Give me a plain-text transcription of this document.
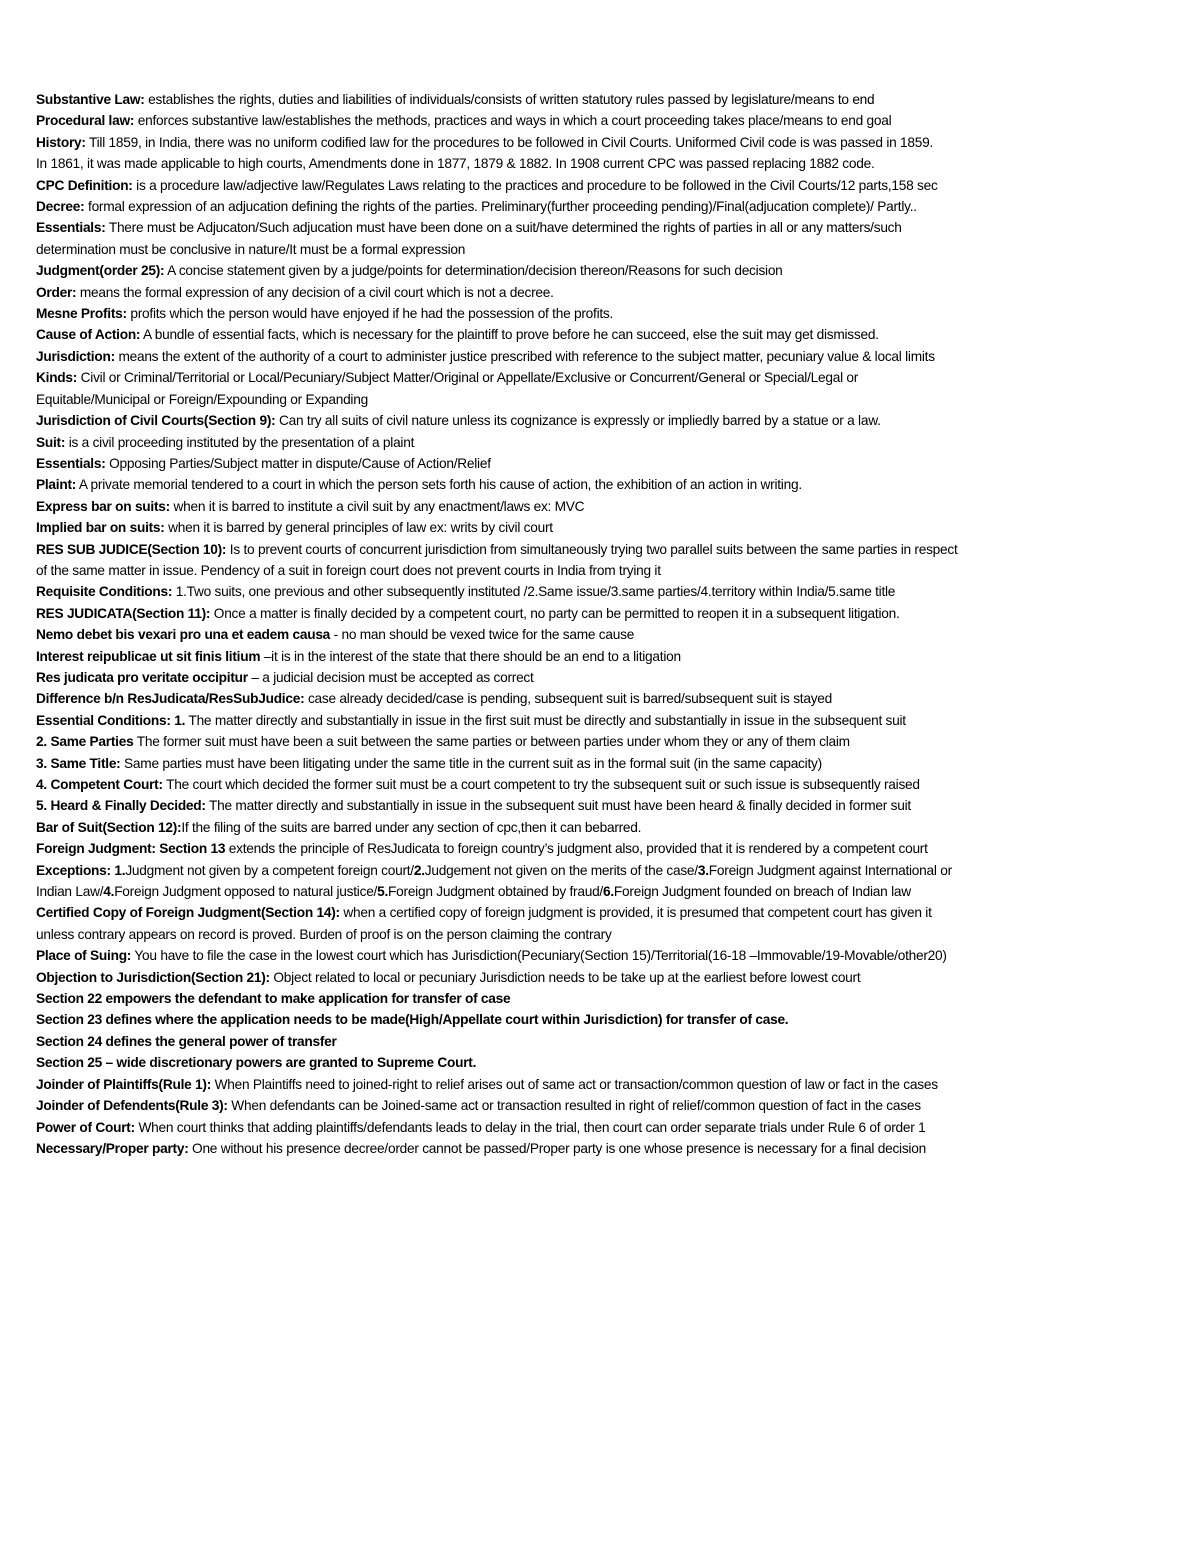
Substantive Law: establishes the rights, duties and liabilities of individuals/consists of written statutory rules passed by legislature/means to end
Procedural law: enforces substantive law/establishes the methods, practices and ways in which a court proceeding takes place/means to end goal
History: Till 1859, in India, there was no uniform codified law for the procedures to be followed in Civil Courts. Uniformed Civil code is was passed in 1859.
In 1861, it was made applicable to high courts, Amendments done in 1877, 1879 & 1882. In 1908 current CPC was passed replacing 1882 code.
CPC Definition: is a procedure law/adjective law/Regulates Laws relating to the practices and procedure to be followed in the Civil Courts/12 parts,158 sec
Decree: formal expression of an adjucation defining the rights of the parties. Preliminary(further proceeding pending)/Final(adjucation complete)/ Partly..
Essentials: There must be Adjucaton/Such adjucation must have been done on a suit/have determined the rights of parties in all or any matters/such
determination must be conclusive in nature/It must be a formal expression
Judgment(order 25): A concise statement given by a judge/points for determination/decision thereon/Reasons for such decision
Order: means the formal expression of any decision of a civil court which is not a decree.
Mesne Profits: profits which the person would have enjoyed if he had the possession of the profits.
Cause of Action: A bundle of essential facts, which is necessary for the plaintiff to prove before he can succeed, else the suit may get dismissed.
Jurisdiction: means the extent of the authority of a court to administer justice prescribed with reference to the subject matter, pecuniary value & local limits
Kinds: Civil or Criminal/Territorial or Local/Pecuniary/Subject Matter/Original or Appellate/Exclusive or Concurrent/General or Special/Legal or
Equitable/Municipal or Foreign/Expounding or Expanding
Jurisdiction of Civil Courts(Section 9): Can try all suits of civil nature unless its cognizance is expressly or impliedly barred by a statue or a law.
Suit: is a civil proceeding instituted by the presentation of a plaint
Essentials: Opposing Parties/Subject matter in dispute/Cause of Action/Relief
Plaint: A private memorial tendered to a court in which the person sets forth his cause of action, the exhibition of an action in writing.
Express bar on suits: when it is barred to institute a civil suit by any enactment/laws ex: MVC
Implied bar on suits: when it is barred by general principles of law ex: writs by civil court
RES SUB JUDICE(Section 10): Is to prevent courts of concurrent jurisdiction from simultaneously trying two parallel suits between the same parties in respect
of the same matter in issue. Pendency of a suit in foreign court does not prevent courts in India from trying it
Requisite Conditions: 1.Two suits, one previous and other subsequently instituted /2.Same issue/3.same parties/4.territory within India/5.same title
RES JUDICATA(Section 11): Once a matter is finally decided by a competent court, no party can be permitted to reopen it in a subsequent litigation.
Nemo debet bis vexari pro una et eadem causa - no man should be vexed twice for the same cause
Interest reipublicae ut sit finis litium –it is in the interest of the state that there should be an end to a litigation
Res judicata pro veritate occipitur – a judicial decision must be accepted as correct
Difference b/n ResJudicata/ResSubJudice: case already decided/case is pending, subsequent suit is barred/subsequent suit is stayed
Essential Conditions: 1. The matter directly and substantially in issue in the first suit must be directly and substantially in issue in the subsequent suit
2. Same Parties The former suit must have been a suit between the same parties or between parties under whom they or any of them claim
3. Same Title: Same parties must have been litigating under the same title in the current suit as in the formal suit (in the same capacity)
4. Competent Court: The court which decided the former suit must be a court competent to try the subsequent suit or such issue is subsequently raised
5. Heard & Finally Decided: The matter directly and substantially in issue in the subsequent suit must have been heard & finally decided in former suit
Bar of Suit(Section 12):If the filing of the suits are barred under any section of cpc,then it can bebarred.
Foreign Judgment: Section 13 extends the principle of ResJudicata to foreign country’s judgment also, provided that it is rendered by a competent court
Exceptions: 1.Judgment not given by a competent foreign court/2.Judgement not given on the merits of the case/3.Foreign Judgment against International or
Indian Law/4.Foreign Judgment opposed to natural justice/5.Foreign Judgment obtained by fraud/6.Foreign Judgment founded on breach of Indian law
Certified Copy of Foreign Judgment(Section 14): when a certified copy of foreign judgment is provided, it is presumed that competent court has given it
unless contrary appears on record is proved. Burden of proof is on the person claiming the contrary
Place of Suing: You have to file the case in the lowest court which has Jurisdiction(Pecuniary(Section 15)/Territorial(16-18 –Immovable/19-Movable/other20)
Objection to Jurisdiction(Section 21): Object related to local or pecuniary Jurisdiction needs to be take up at the earliest before lowest court
Section 22 empowers the defendant to make application for transfer of case
Section 23 defines where the application needs to be made(High/Appellate court within Jurisdiction) for transfer of case.
Section 24 defines the general power of transfer
Section 25 – wide discretionary powers are granted to Supreme Court.
Joinder of Plaintiffs(Rule 1): When Plaintiffs need to joined-right to relief arises out of same act or transaction/common question of law or fact in the cases
Joinder of Defendents(Rule 3): When defendants can be Joined-same act or transaction resulted in right of relief/common question of fact in the cases
Power of Court: When court thinks that adding plaintiffs/defendants leads to delay in the trial, then court can order separate trials under Rule 6 of order 1
Necessary/Proper party: One without his presence decree/order cannot be passed/Proper party is one whose presence is necessary for a final decision
